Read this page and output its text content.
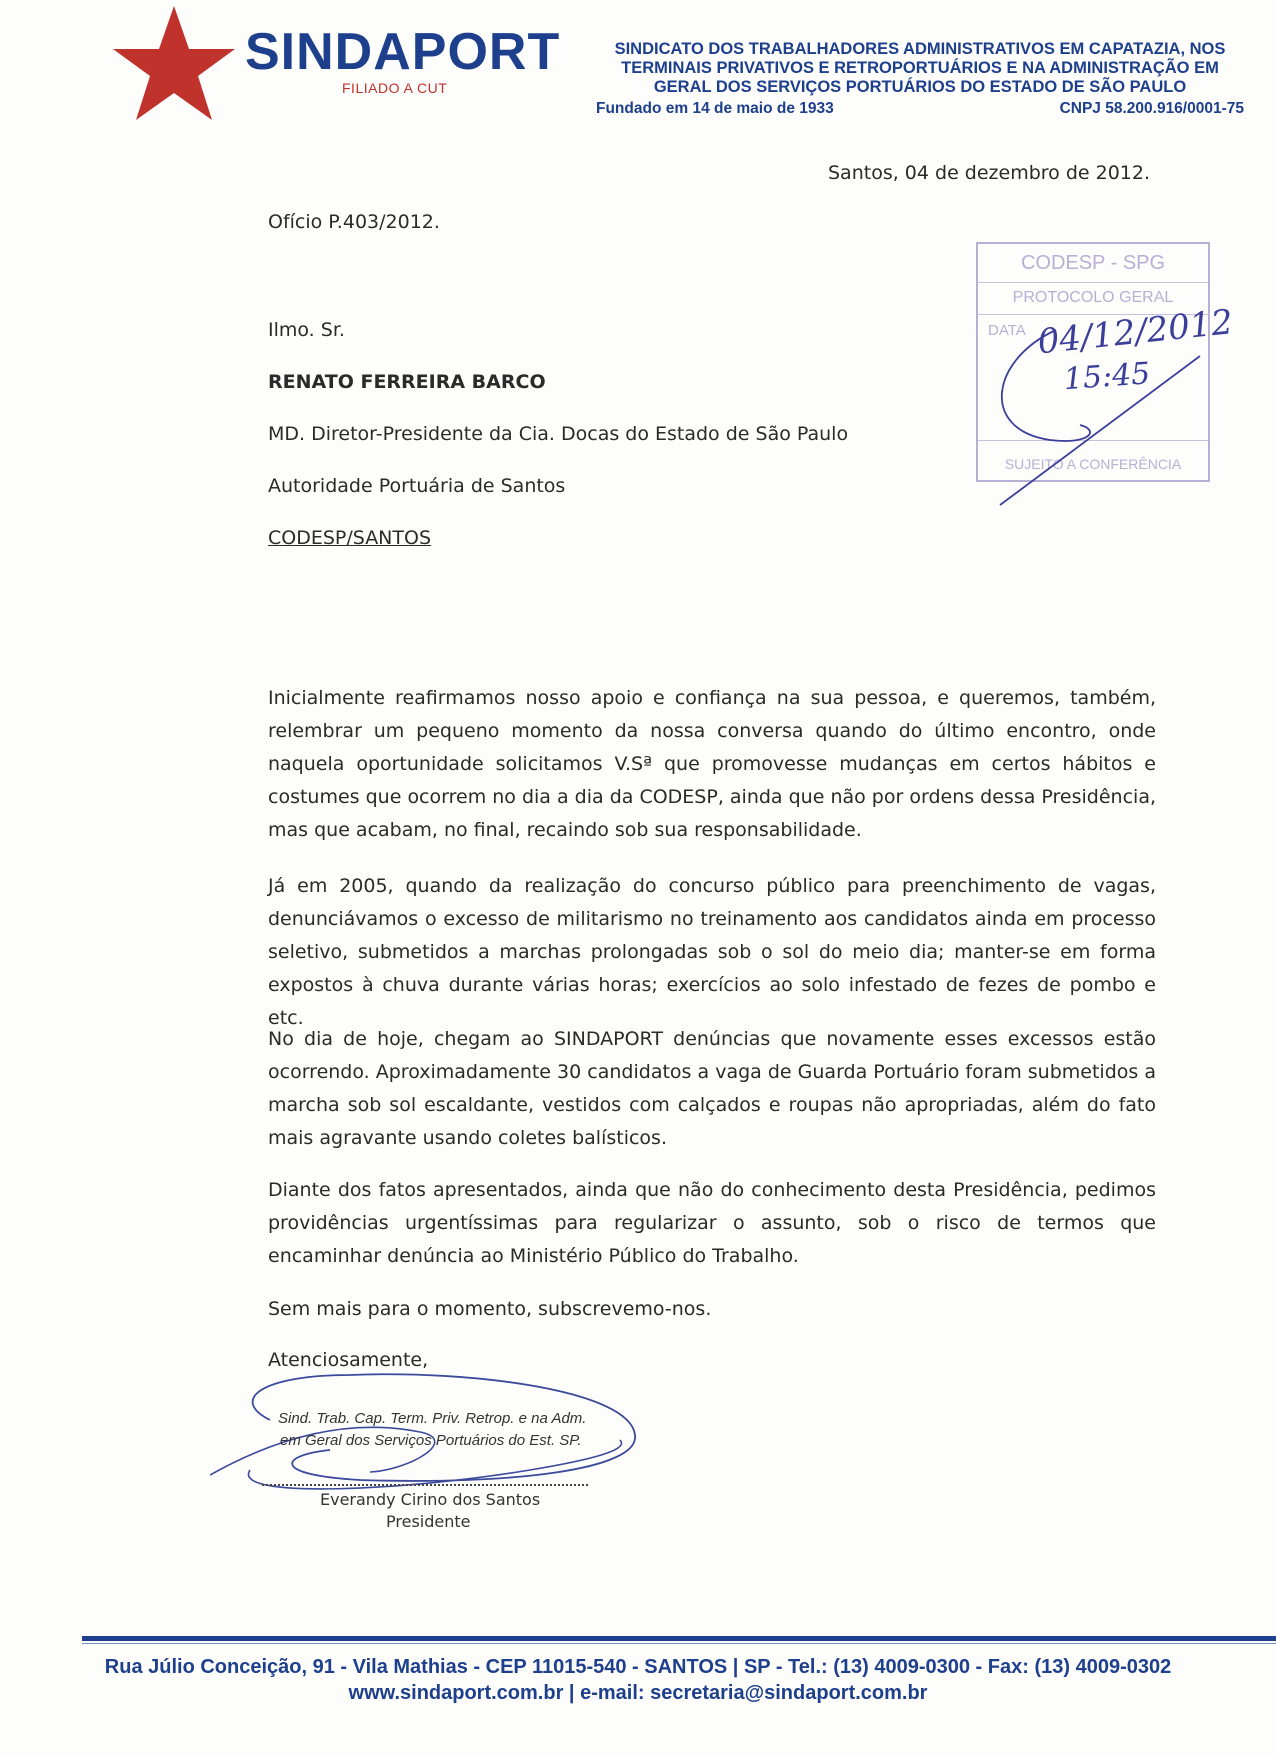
SINDAPORT
FILIADO A CUT
SINDICATO DOS TRABALHADORES ADMINISTRATIVOS EM CAPATAZIA, NOS
TERMINAIS PRIVATIVOS E RETROPORTUÁRIOS E NA ADMINISTRAÇÃO EM
GERAL DOS SERVIÇOS PORTUÁRIOS DO ESTADO DE SÃO PAULO
Fundado em 14 de maio de 1933	CNPJ 58.200.916/0001-75
Santos, 04 de dezembro de 2012.
Ofício P.403/2012.
Ilmo. Sr.
RENATO FERREIRA BARCO
MD. Diretor-Presidente da Cia. Docas do Estado de São Paulo
Autoridade Portuária de Santos
CODESP/SANTOS
CODESP - SPG
PROTOCOLO GERAL
DATA
SUJEITO A CONFERÊNCIA
04/12/2012
15:45
Inicialmente reafirmamos nosso apoio e confiança na sua pessoa, e queremos, também, relembrar um pequeno momento da nossa conversa quando do último encontro, onde naquela oportunidade solicitamos V.Sª que promovesse mudanças em certos hábitos e costumes que ocorrem no dia a dia da CODESP, ainda que não por ordens dessa Presidência, mas que acabam, no final, recaindo sob sua responsabilidade.
Já em 2005, quando da realização do concurso público para preenchimento de vagas, denunciávamos o excesso de militarismo no treinamento aos candidatos ainda em processo seletivo, submetidos a marchas prolongadas sob o sol do meio dia; manter-se em forma expostos à chuva durante várias horas; exercícios ao solo infestado de fezes de pombo e etc.
No dia de hoje, chegam ao SINDAPORT denúncias que novamente esses excessos estão ocorrendo. Aproximadamente 30 candidatos a vaga de Guarda Portuário foram submetidos a marcha sob sol escaldante, vestidos com calçados e roupas não apropriadas, além do fato mais agravante usando coletes balísticos.
Diante dos fatos apresentados, ainda que não do conhecimento desta Presidência, pedimos providências urgentíssimas para regularizar o assunto, sob o risco de termos que encaminhar denúncia ao Ministério Público do Trabalho.
Sem mais para o momento, subscrevemo-nos.
Atenciosamente,
Sind. Trab. Cap. Term. Priv. Retrop. e na Adm.
em Geral dos Serviços Portuários do Est. SP.
Everandy Cirino dos Santos
Presidente
Rua Júlio Conceição, 91 - Vila Mathias - CEP 11015-540 - SANTOS | SP - Tel.: (13) 4009-0300 - Fax: (13) 4009-0302
www.sindaport.com.br | e-mail: secretaria@sindaport.com.br
